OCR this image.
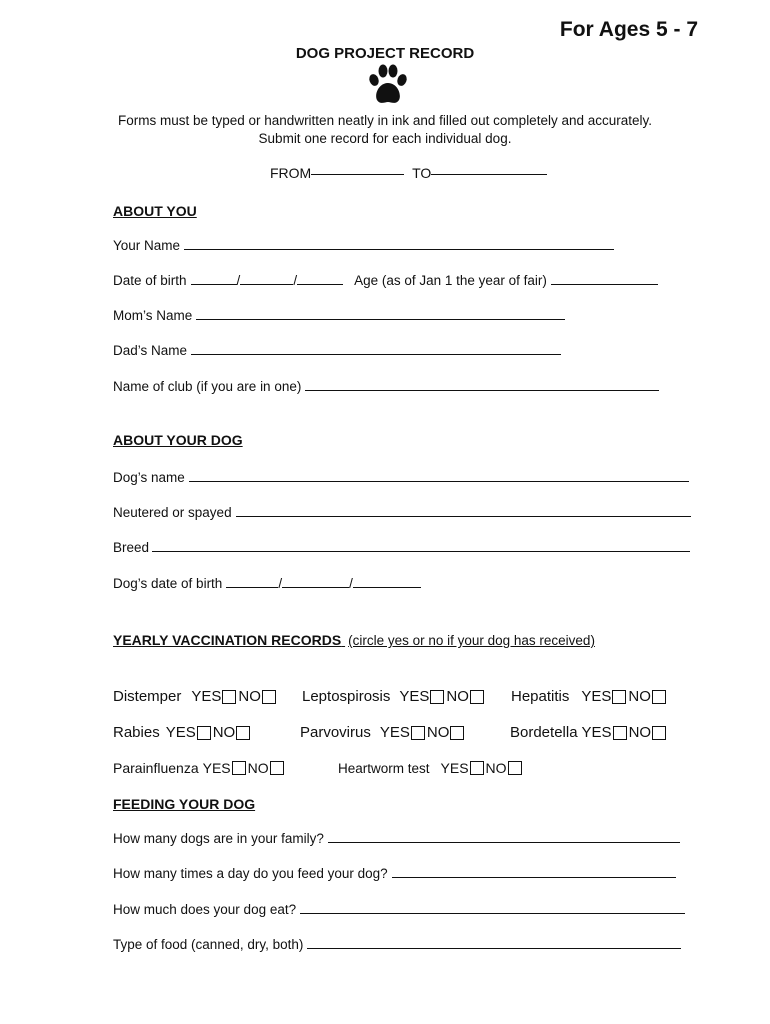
For Ages 5 - 7
DOG PROJECT RECORD
Forms must be typed or handwritten neatly in ink and filled out completely and accurately.
Submit one record for each individual dog.
FROM	TO
ABOUT YOU
Your Name
Date of birth	/	/	Age (as of Jan 1 the year of fair)
Mom’s Name
Dad’s Name
Name of club (if you are in one)
ABOUT YOUR DOG
Dog’s name
Neutered or spayed
Breed
Dog’s date of birth	/	/
YEARLY VACCINATION RECORDS (circle yes or no if your dog has received)
Distemper YES NO	Leptospirosis YES NO	Hepatitis YES NO
Rabies YES NO	Parvovirus YES NO	Bordetella YES NO
Parainfluenza YES NO	Heartworm test YES NO
FEEDING YOUR DOG
How many dogs are in your family?
How many times a day do you feed your dog?
How much does your dog eat?
Type of food (canned, dry, both)
